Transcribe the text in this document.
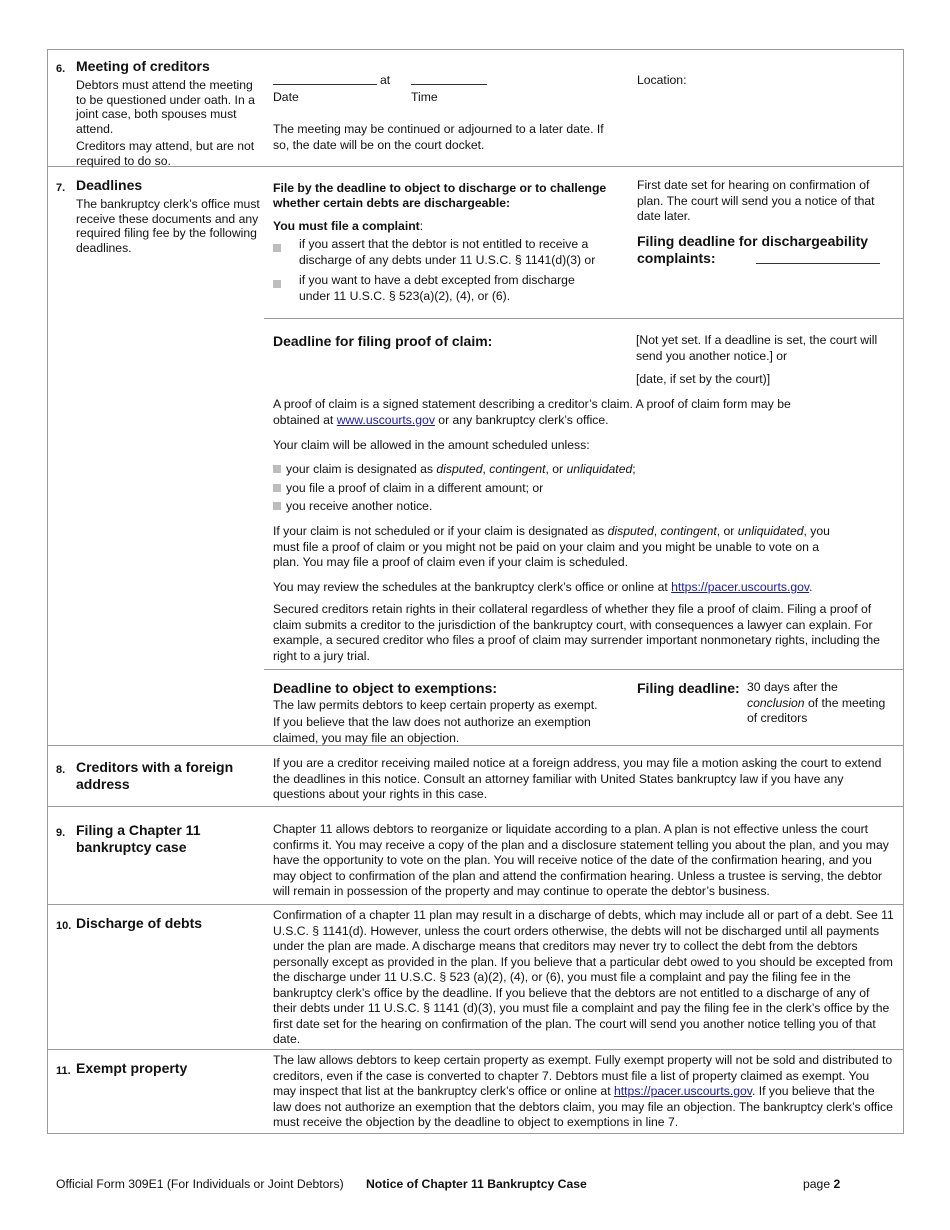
6. Meeting of creditors

Debtors must attend the meeting to be questioned under oath. In a joint case, both spouses must attend.

Creditors may attend, but are not required to do so.

at
Date	Time
Location:
The meeting may be continued or adjourned to a later date. If so, the date will be on the court docket.
7. Deadlines
The bankruptcy clerk’s office must receive these documents and any required filing fee by the following deadlines.
File by the deadline to object to discharge or to challenge whether certain debts are dischargeable:
You must file a complaint:
if you assert that the debtor is not entitled to receive a discharge of any debts under 11 U.S.C. § 1141(d)(3) or
if you want to have a debt excepted from discharge under 11 U.S.C. § 523(a)(2), (4), or (6).
First date set for hearing on confirmation of plan. The court will send you a notice of that date later.
Filing deadline for dischargeability complaints:
Deadline for filing proof of claim:	[Not yet set. If a deadline is set, the court will send you another notice.] or
[date, if set by the court)]
A proof of claim is a signed statement describing a creditor’s claim. A proof of claim form may be obtained at www.uscourts.gov or any bankruptcy clerk’s office.
Your claim will be allowed in the amount scheduled unless:
your claim is designated as disputed, contingent, or unliquidated;
you file a proof of claim in a different amount; or
you receive another notice.
If your claim is not scheduled or if your claim is designated as disputed, contingent, or unliquidated, you must file a proof of claim or you might not be paid on your claim and you might be unable to vote on a plan. You may file a proof of claim even if your claim is scheduled.
You may review the schedules at the bankruptcy clerk’s office or online at https://pacer.uscourts.gov.
Secured creditors retain rights in their collateral regardless of whether they file a proof of claim. Filing a proof of claim submits a creditor to the jurisdiction of the bankruptcy court, with consequences a lawyer can explain. For example, a secured creditor who files a proof of claim may surrender important nonmonetary rights, including the right to a jury trial.
Deadline to object to exemptions:
The law permits debtors to keep certain property as exempt.
If you believe that the law does not authorize an exemption claimed, you may file an objection.
Filing deadline: 30 days after the
conclusion of the meeting of creditors
8. Creditors with a foreign address
If you are a creditor receiving mailed notice at a foreign address, you may file a motion asking the court to extend the deadlines in this notice. Consult an attorney familiar with United States bankruptcy law if you have any questions about your rights in this case.
9. Filing a Chapter 11 bankruptcy case
Chapter 11 allows debtors to reorganize or liquidate according to a plan. A plan is not effective unless the court confirms it. You may receive a copy of the plan and a disclosure statement telling you about the plan, and you may have the opportunity to vote on the plan. You will receive notice of the date of the confirmation hearing, and you may object to confirmation of the plan and attend the confirmation hearing. Unless a trustee is serving, the debtor will remain in possession of the property and may continue to operate the debtor’s business.
10. Discharge of debts	Confirmation of a chapter 11 plan may result in a discharge of debts, which may include all or part of a debt. See 11 U.S.C. § 1141(d). However, unless the court orders otherwise, the debts will not be discharged until all payments under the plan are made. A discharge means that creditors may never try to collect the debt from the debtors personally except as provided in the plan. If you believe that a particular debt owed to you should be excepted from the discharge under 11 U.S.C. § 523 (a)(2), (4), or (6), you must file a complaint and pay the filing fee in the bankruptcy clerk’s office by the deadline. If you believe that the debtors are not entitled to a discharge of any of their debts under 11 U.S.C. § 1141 (d)(3), you must file a complaint and pay the filing fee in the clerk’s office by the first date set for the hearing on confirmation of the plan. The court will send you another notice telling you of that date.
11. Exempt property	The law allows debtors to keep certain property as exempt. Fully exempt property will not be sold and distributed to creditors, even if the case is converted to chapter 7. Debtors must file a list of property claimed as exempt. You may inspect that list at the bankruptcy clerk’s office or online at https://pacer.uscourts.gov. If you believe that the law does not authorize an exemption that the debtors claim, you may file an objection. The bankruptcy clerk’s office must receive the objection by the deadline to object to exemptions in line 7.
Official Form 309E1 (For Individuals or Joint Debtors) Notice of Chapter 11 Bankruptcy Case	page 2
